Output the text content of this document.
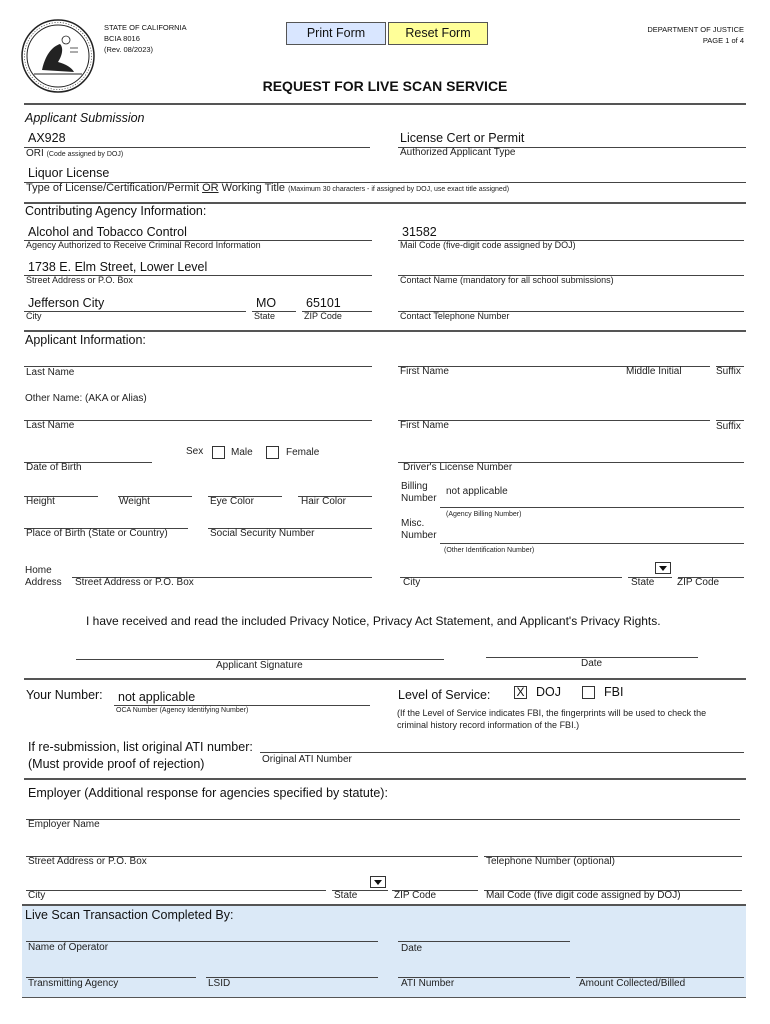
STATE OF CALIFORNIA
BCIA 8016
(Rev. 08/2023)
Print Form	Reset Form	DEPARTMENT OF JUSTICE
PAGE 1 of 4
REQUEST FOR LIVE SCAN SERVICE
Applicant Submission
AX928
ORI (Code assigned by DOJ)
License Cert or Permit
Authorized Applicant Type
Liquor License
Type of License/Certification/Permit OR Working Title (Maximum 30 characters - if assigned by DOJ, use exact title assigned)
Contributing Agency Information:
Alcohol and Tobacco Control
Agency Authorized to Receive Criminal Record Information
31582
Mail Code (five-digit code assigned by DOJ)
1738 E. Elm Street, Lower Level
Street Address or P.O. Box	Contact Name (mandatory for all school submissions)
Jefferson City
City
MO
State
65101
ZIP Code	Contact Telephone Number
Applicant Information:
Last Name	First Name	Middle Initial	Suffix
Other Name: (AKA or Alias)
Last Name	First Name	Suffix
Sex	Male	Female
Date of Birth	Driver's License Number
Height	Weight	Eye Color	Hair Color
Billing
Number
not applicable
(Agency Billing Number)
Place of Birth (State or Country)	Social Security Number
Misc.
Number
(Other Identification Number)
Home
Address Street Address or P.O. Box	City	State ZIP Code
I have received and read the included Privacy Notice, Privacy Act Statement, and Applicant's Privacy Rights.
Applicant Signature	Date
Your Number: not applicable
OCA Number (Agency Identifying Number)
Level of Service: X DOJ	FBI
(If the Level of Service indicates FBI, the fingerprints will be used to check the
criminal history record information of the FBI.)
If re-submission, list original ATI number:
(Must provide proof of rejection)	Original ATI Number
Employer (Additional response for agencies specified by statute):
Employer Name
Street Address or P.O. Box	Telephone Number (optional)
City	State	ZIP Code	Mail Code (five digit code assigned by DOJ)
Live Scan Transaction Completed By:
Name of Operator	Date
Transmitting Agency	LSID	ATI Number	Amount Collected/Billed
